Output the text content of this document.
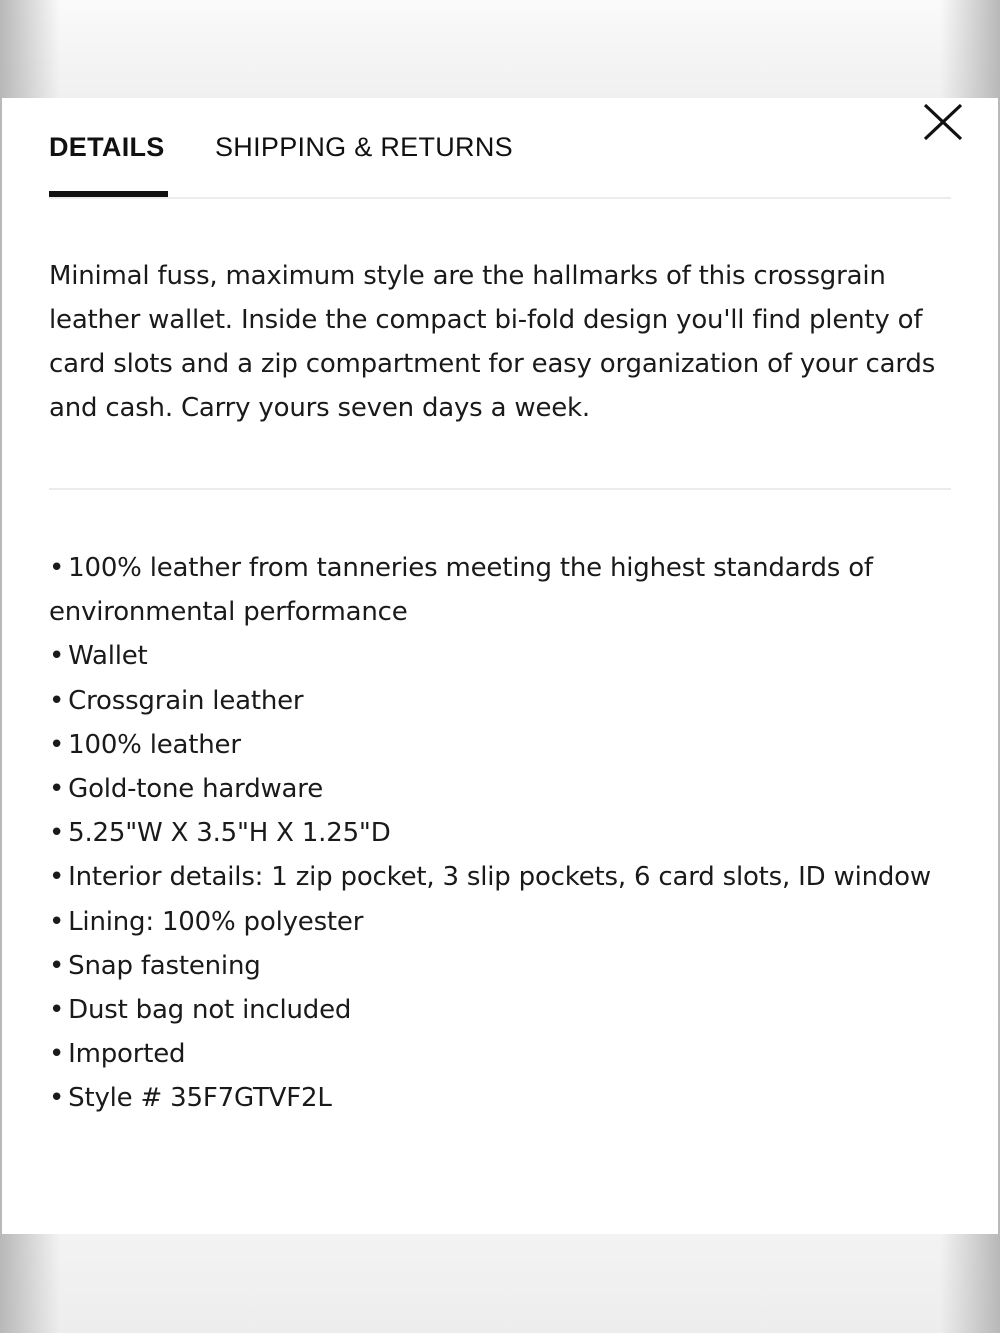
DETAILS SHIPPING & RETURNS

Minimal fuss, maximum style are the hallmarks of this crossgrain leather wallet. Inside the compact bi-fold design you'll find plenty of card slots and a zip compartment for easy organization of your cards and cash. Carry yours seven days a week.

• 100% leather from tanneries meeting the highest standards of environmental performance
• Wallet
• Crossgrain leather
• 100% leather
• Gold-tone hardware
• 5.25"W X 3.5"H X 1.25"D
• Interior details: 1 zip pocket, 3 slip pockets, 6 card slots, ID window
• Lining: 100% polyester
• Snap fastening
• Dust bag not included
• Imported
• Style # 35F7GTVF2L
